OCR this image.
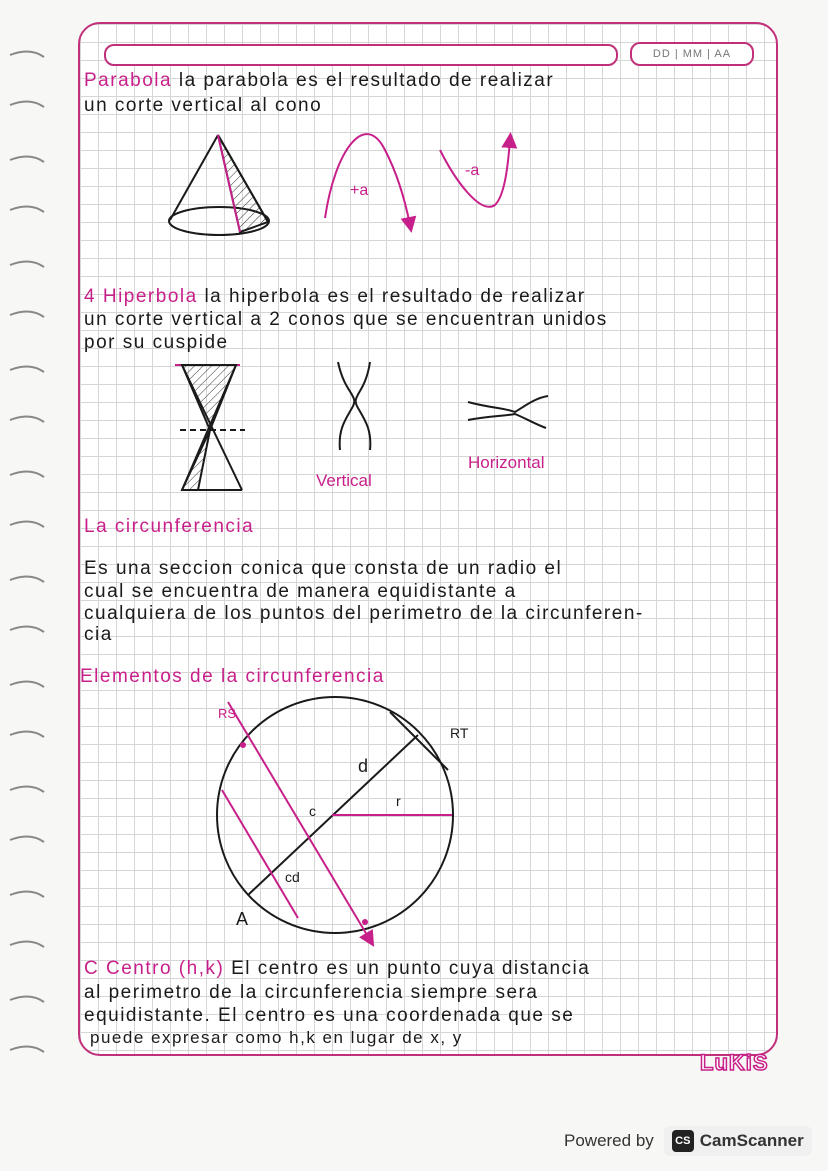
DD | MM | AA
Parabola la parabola es el resultado de realizar
un corte vertical al cono
4 Hiperbola la hiperbola es el resultado de realizar
un corte vertical a 2 conos que se encuentran unidos
por su cuspide
La circunferencia
Es una seccion conica que consta de un radio el
cual se encuentra de manera equidistante a
cualquiera de los puntos del perimetro de la circunferen-
cia
Elementos de la circunferencia
C Centro (h,k) El centro es un punto cuya distancia
al perimetro de la circunferencia siempre sera
equidistante. El centro es una coordenada que se
puede expresar como h,k en lugar de x, y
+a
-a
Vertical
Horizontal
RS
RT
d
c
r
cd
A
LuKiS
Powered by	CS CamScanner
